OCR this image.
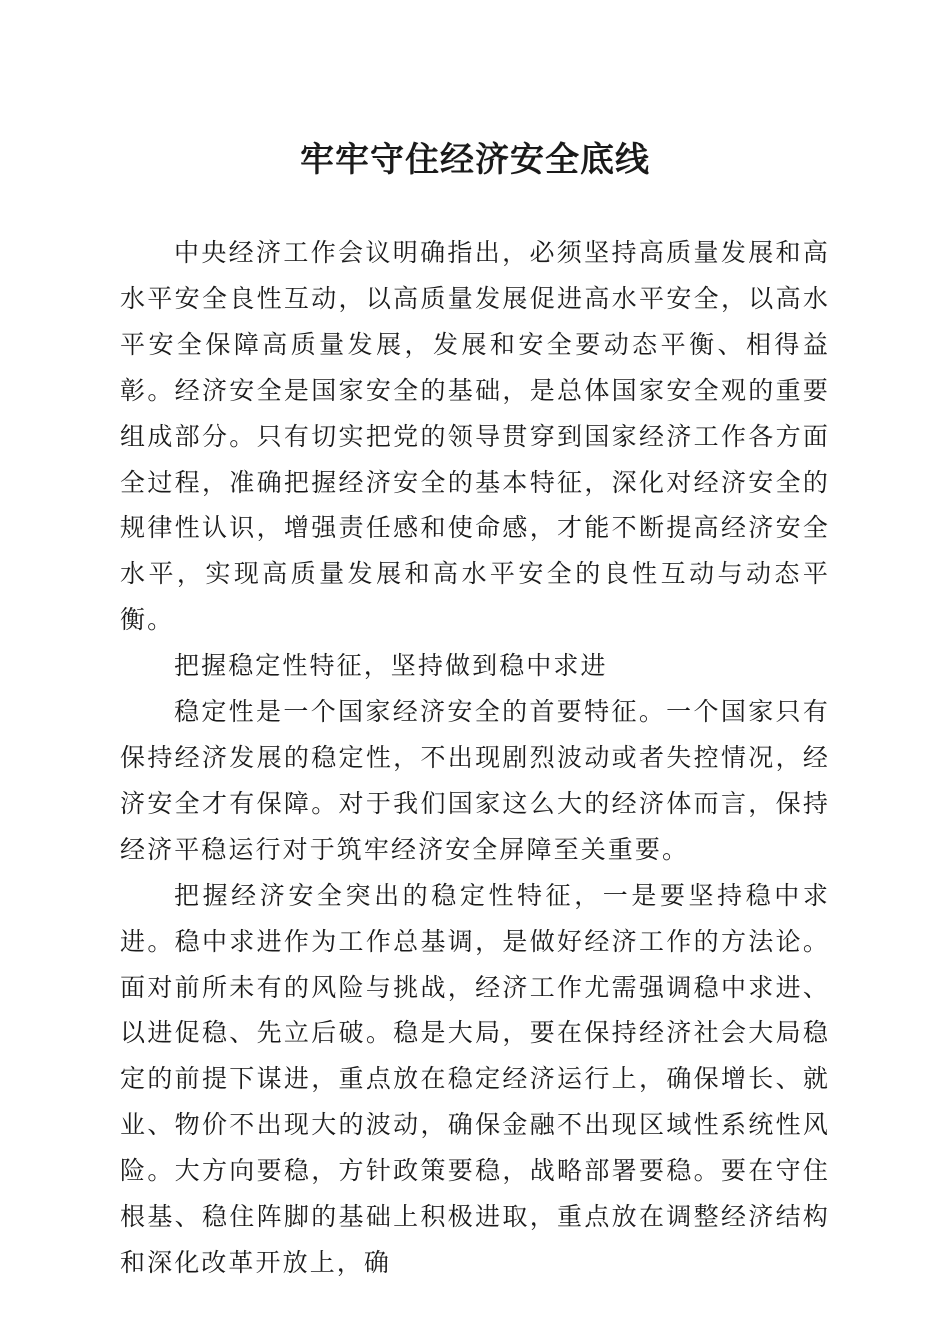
牢牢守住经济安全底线

中央经济工作会议明确指出，必须坚持高质量发展和高水平安全良性互动，以高质量发展促进高水平安全，以高水平安全保障高质量发展，发展和安全要动态平衡、相得益彰。经济安全是国家安全的基础，是总体国家安全观的重要组成部分。只有切实把党的领导贯穿到国家经济工作各方面全过程，准确把握经济安全的基本特征，深化对经济安全的规律性认识，增强责任感和使命感，才能不断提高经济安全水平，实现高质量发展和高水平安全的良性互动与动态平衡。

把握稳定性特征，坚持做到稳中求进

稳定性是一个国家经济安全的首要特征。一个国家只有保持经济发展的稳定性，不出现剧烈波动或者失控情况，经济安全才有保障。对于我们国家这么大的经济体而言，保持经济平稳运行对于筑牢经济安全屏障至关重要。

把握经济安全突出的稳定性特征，一是要坚持稳中求进。稳中求进作为工作总基调，是做好经济工作的方法论。面对前所未有的风险与挑战，经济工作尤需强调稳中求进、以进促稳、先立后破。稳是大局，要在保持经济社会大局稳定的前提下谋进，重点放在稳定经济运行上，确保增长、就业、物价不出现大的波动，确保金融不出现区域性系统性风险。大方向要稳，方针政策要稳，战略部署要稳。要在守住根基、稳住阵脚的基础上积极进取，重点放在调整经济结构和深化改革开放上，确
